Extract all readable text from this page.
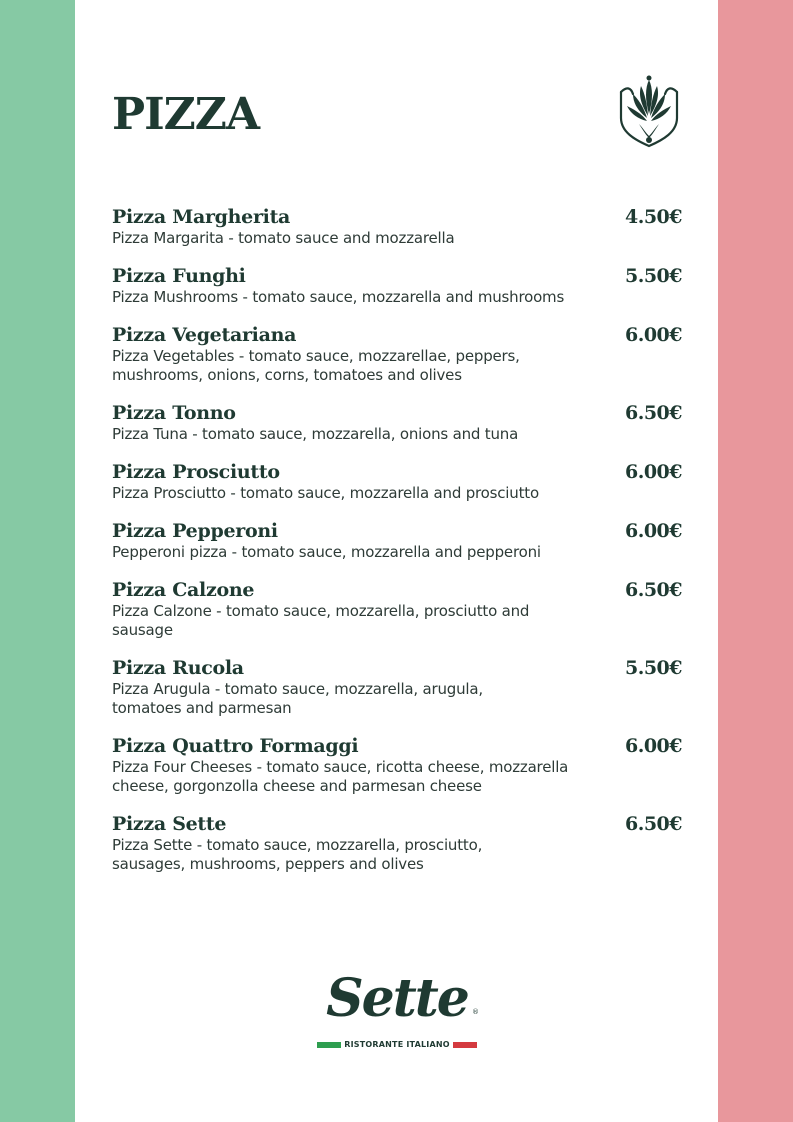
PIZZA
Pizza Margherita	4.50€
Pizza Margarita - tomato sauce and mozzarella
Pizza Funghi	5.50€
Pizza Mushrooms - tomato sauce, mozzarella and mushrooms
Pizza Vegetariana	6.00€
Pizza Vegetables - tomato sauce, mozzarellae, peppers, mushrooms, onions, corns, tomatoes and olives
Pizza Tonno	6.50€
Pizza Tuna - tomato sauce, mozzarella, onions and tuna
Pizza Prosciutto	6.00€
Pizza Prosciutto - tomato sauce, mozzarella and prosciutto
Pizza Pepperoni	6.00€
Pepperoni pizza - tomato sauce, mozzarella and pepperoni
Pizza Calzone	6.50€
Pizza Calzone - tomato sauce, mozzarella, prosciutto and sausage
Pizza Rucola	5.50€
Pizza Arugula - tomato sauce, mozzarella, arugula, tomatoes and parmesan
Pizza Quattro Formaggi	6.00€
Pizza Four Cheeses - tomato sauce, ricotta cheese, mozzarella cheese, gorgonzolla cheese and parmesan cheese
Pizza Sette	6.50€
Pizza Sette - tomato sauce, mozzarella, prosciutto, sausages, mushrooms, peppers and olives
Sette ®
RISTORANTE ITALIANO
